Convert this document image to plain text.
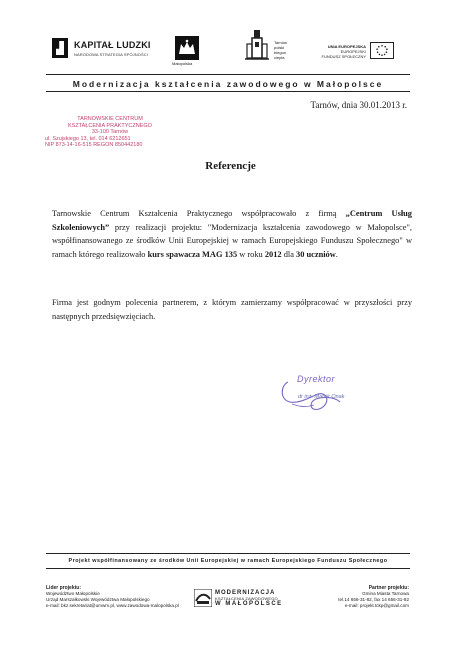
KAPITAŁ LUDZKI
NARODOWA STRATEGIA SPÓJNOŚCI
Małopolska
Tarnów
polski
biegun
ciepła
UNIA EUROPEJSKA
EUROPEJSKI
FUNDUSZ SPOŁECZNY
Modernizacja kształcenia zawodowego w Małopolsce
Tarnów, dnia 30.01.2013 r.
TARNOWSKIE CENTRUM
KSZTAŁCENIA PRAKTYCZNEGO
33-100 Tarnów
ul. Szujskiego 13, tel. 014 6212651
NIP 873-14-16-515 REGON 850442180
Referencje
Tarnowskie Centrum Kształcenia Praktycznego współpracowało z firmą „Centrum Usług Szkoleniowych” przy realizacji projektu: "Modernizacja kształcenia zawodowego w Małopolsce", współfinansowanego ze środków Unii Europejskiej w ramach Europejskiego Funduszu Społecznego" w ramach którego realizowało kurs spawacza MAG 135 w roku 2012 dla 30 uczniów.
Firma jest godnym polecenia partnerem, z którym zamierzamy współpracować w przyszłości przy następnych przedsięwzięciach.
Dyrektor
dr inż. Marek Onak
Projekt współfinansowany ze środków Unii Europejskiej w ramach Europejskiego Funduszu Społecznego
Lider projektu:
Województwo Małopolskie
Urząd Marszałkowski Województwa Małopolskiego
e-mail: bkz.sekretariat@umwm.pl, www.zawodowa-malopolska.pl
MODERNIZACJA
KSZTAŁCENIA ZAWODOWEGO
W MAŁOPOLSCE
Partner projektu:
Gmina Miasta Tarnowa
tel.14 656-31-82, fax 14 656-31-82
e-mail: projekt.tckp@gmail.com
